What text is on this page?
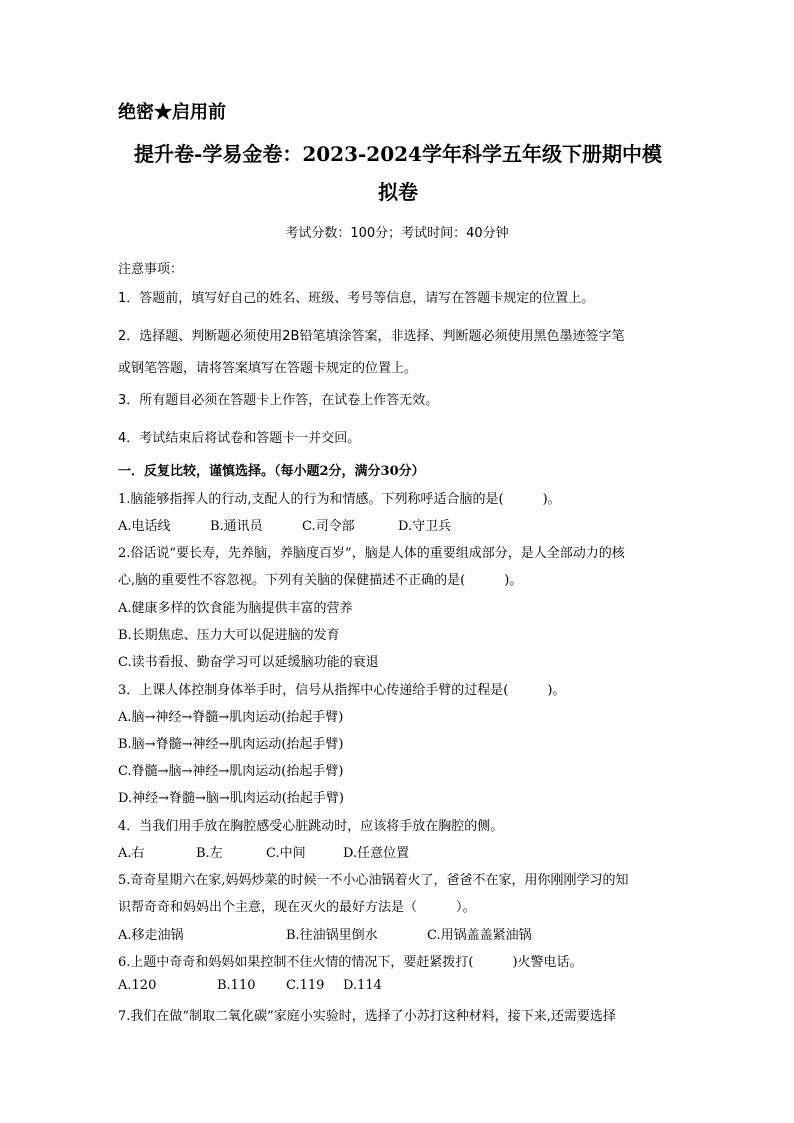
绝密★启用前
提升卷-学易金卷：2023-2024学年科学五年级下册期中模
拟卷
考试分数：100分；考试时间：40分钟
注意事项：
1．答题前，填写好自己的姓名、班级、考号等信息，请写在答题卡规定的位置上。
2．选择题、判断题必须使用2B铅笔填涂答案，非选择、判断题必须使用黑色墨迹签字笔
或钢笔答题，请将答案填写在答题卡规定的位置上。
3．所有题目必须在答题卡上作答，在试卷上作答无效。
4．考试结束后将试卷和答题卡一并交回。
一．反复比较，谨慎选择。（每小题2分，满分30分）
1.脑能够指挥人的行动,支配人的行为和情感。下列称呼适合脑的是(　　　)。
A.电话线	B.通讯员	C.司令部	D.守卫兵
2.俗话说“要长寿，先养脑，养脑度百岁”，脑是人体的重要组成部分，是人全部动力的核
心,脑的重要性不容忽视。下列有关脑的保健描述不正确的是(　　　)。
A.健康多样的饮食能为脑提供丰富的营养
B.长期焦虑、压力大可以促进脑的发育
C.读书看报、勤奋学习可以延缓脑功能的衰退
3．上课人体控制身体举手时，信号从指挥中心传递给手臂的过程是(　　　)。
A.脑→神经→脊髓→肌肉运动(抬起手臂)
B.脑→脊髓→神经→肌肉运动(抬起手臂)
C.脊髓→脑→神经→肌肉运动(抬起手臂)
D.神经→脊髓→脑→肌肉运动(抬起手臂)
4．当我们用手放在胸腔感受心脏跳动时，应该将手放在胸腔的侧。
A.右	B.左	C.中间	D.任意位置
5.奇奇星期六在家,妈妈炒菜的时候一不小心油锅着火了，爸爸不在家，用你刚刚学习的知
识帮奇奇和妈妈出个主意，现在灭火的最好方法是（　　　）。
A.移走油锅	B.往油锅里倒水	C.用锅盖盖紧油锅
6.上题中奇奇和妈妈如果控制不住火情的情况下，要赶紧拨打(　　　)火警电话。
A.120	B.110 C.119 D.114
7.我们在做“制取二氧化碳”家庭小实验时，选择了小苏打这种材料，接下来,还需要选择
